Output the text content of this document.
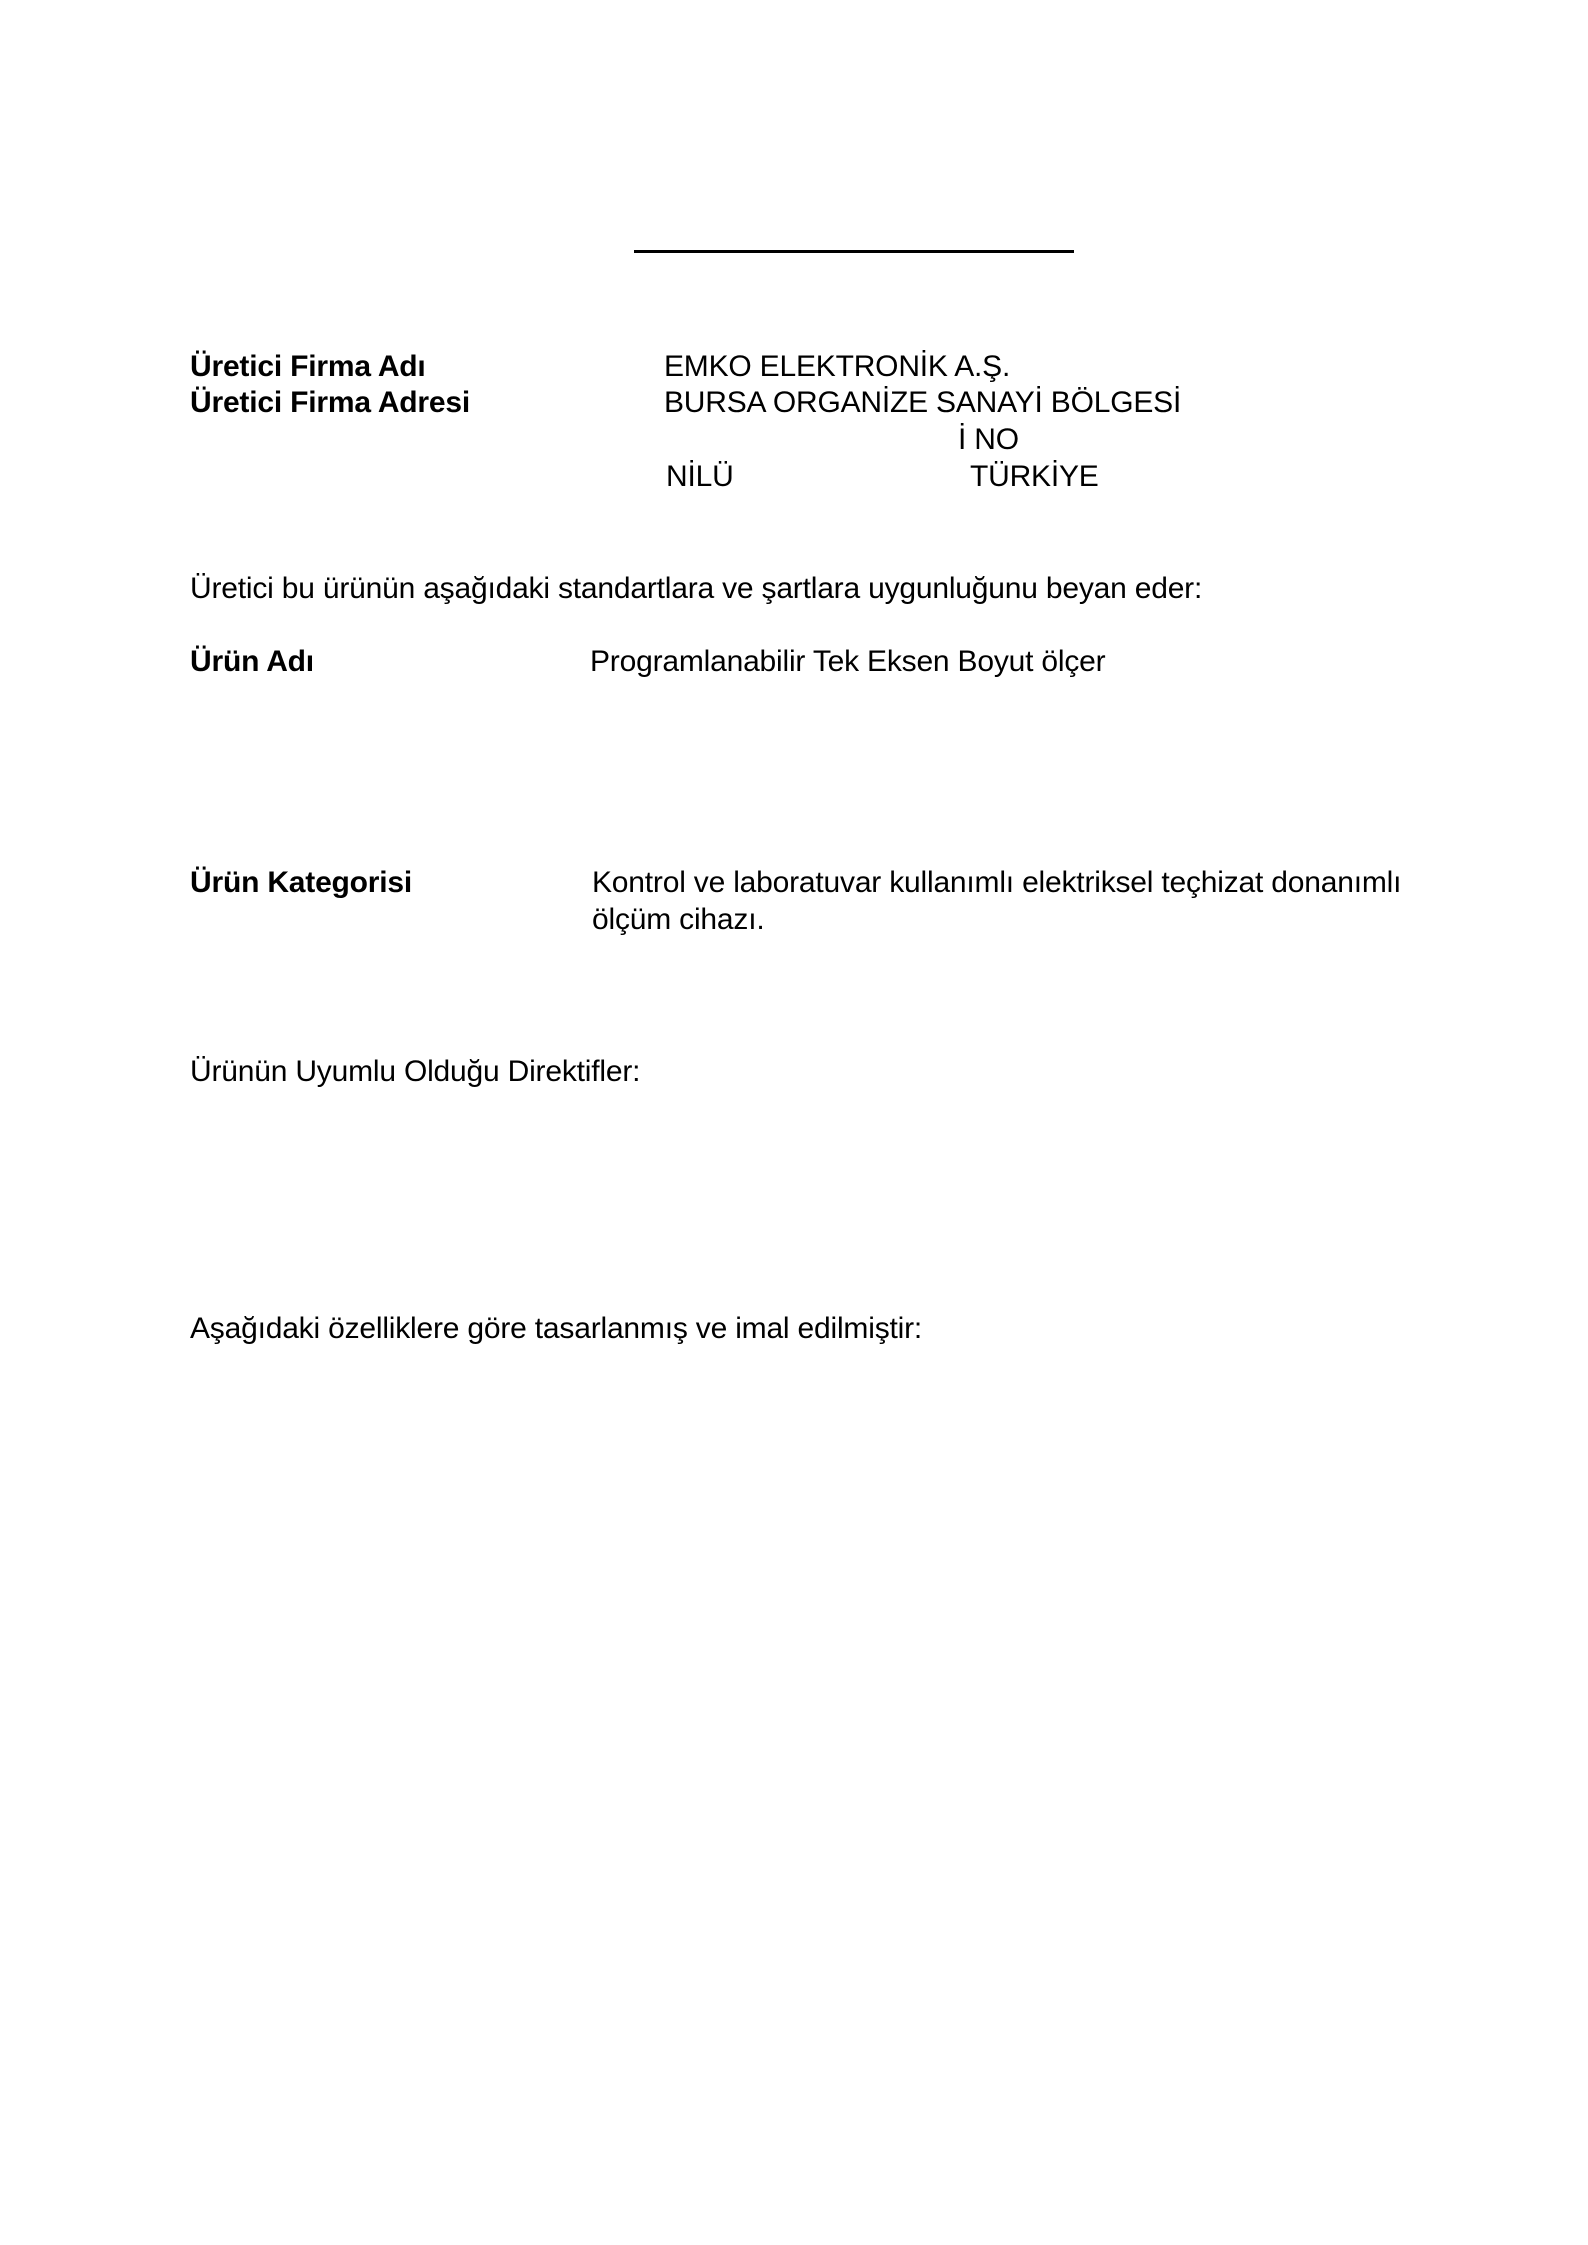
Üretici Firma Adı	EMKO ELEKTRONİK A.Ş.
Üretici Firma Adresi	BURSA ORGANİZE SANAYİ BÖLGESİ
İ NO
NİLÜ	TÜRKİYE
Üretici bu ürünün aşağıdaki standartlara ve şartlara uygunluğunu beyan eder:
Ürün Adı	Programlanabilir Tek Eksen Boyut ölçer
Ürün Kategorisi	Kontrol ve laboratuvar kullanımlı elektriksel teçhizat donanımlı
ölçüm cihazı.
Ürünün Uyumlu Olduğu Direktifler:
Aşağıdaki özelliklere göre tasarlanmış ve imal edilmiştir:
